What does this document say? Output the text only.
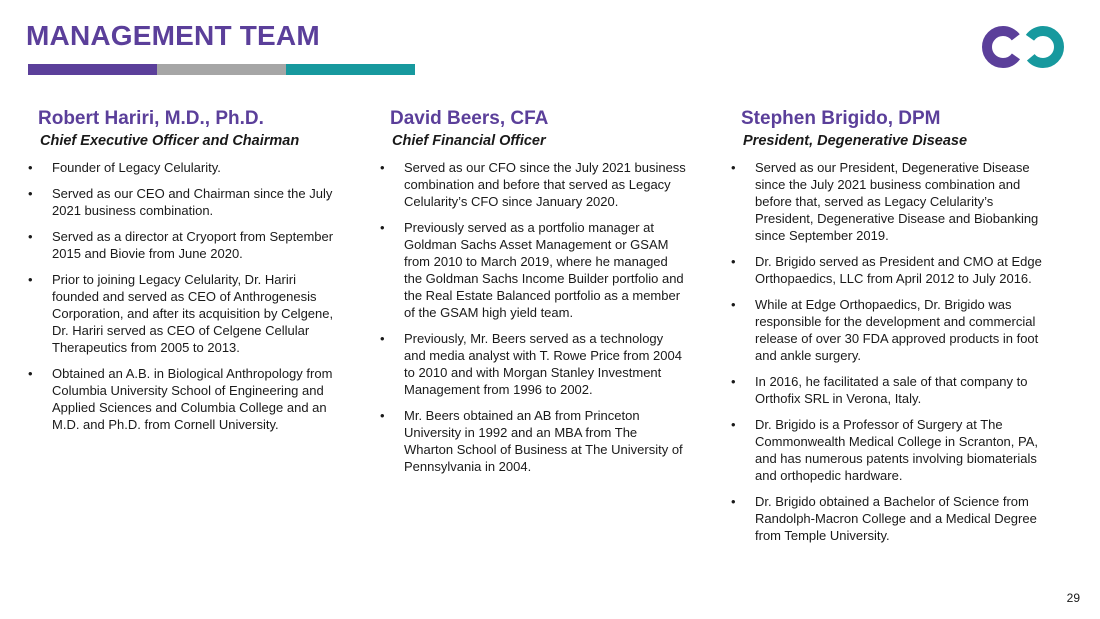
MANAGEMENT TEAM
Robert Hariri, M.D., Ph.D.
Chief Executive Officer and Chairman
• Founder of Legacy Celularity.
• Served as our CEO and Chairman since the July 2021 business combination.
• Served as a director at Cryoport from September 2015 and Biovie from June 2020.
• Prior to joining Legacy Celularity, Dr. Hariri founded and served as CEO of Anthrogenesis Corporation, and after its acquisition by Celgene, Dr. Hariri served as CEO of Celgene Cellular Therapeutics from 2005 to 2013.
• Obtained an A.B. in Biological Anthropology from Columbia University School of Engineering and Applied Sciences and Columbia College and an M.D. and Ph.D. from Cornell University.
David Beers, CFA
Chief Financial Officer
• Served as our CFO since the July 2021 business combination and before that served as Legacy Celularity’s CFO since January 2020.
• Previously served as a portfolio manager at Goldman Sachs Asset Management or GSAM from 2010 to March 2019, where he managed the Goldman Sachs Income Builder portfolio and the Real Estate Balanced portfolio as a member of the GSAM high yield team.
• Previously, Mr. Beers served as a technology and media analyst with T. Rowe Price from 2004 to 2010 and with Morgan Stanley Investment Management from 1996 to 2002.
• Mr. Beers obtained an AB from Princeton University in 1992 and an MBA from The Wharton School of Business at The University of Pennsylvania in 2004.
Stephen Brigido, DPM
President, Degenerative Disease
• Served as our President, Degenerative Disease since the July 2021 business combination and before that, served as Legacy Celularity’s President, Degenerative Disease and Biobanking since September 2019.
• Dr. Brigido served as President and CMO at Edge Orthopaedics, LLC from April 2012 to July 2016.
• While at Edge Orthopaedics, Dr. Brigido was responsible for the development and commercial release of over 30 FDA approved products in foot and ankle surgery.
• In 2016, he facilitated a sale of that company to Orthofix SRL in Verona, Italy.
• Dr. Brigido is a Professor of Surgery at The Commonwealth Medical College in Scranton, PA, and has numerous patents involving biomaterials and orthopedic hardware.
• Dr. Brigido obtained a Bachelor of Science from Randolph-Macron College and a Medical Degree from Temple University.
29
